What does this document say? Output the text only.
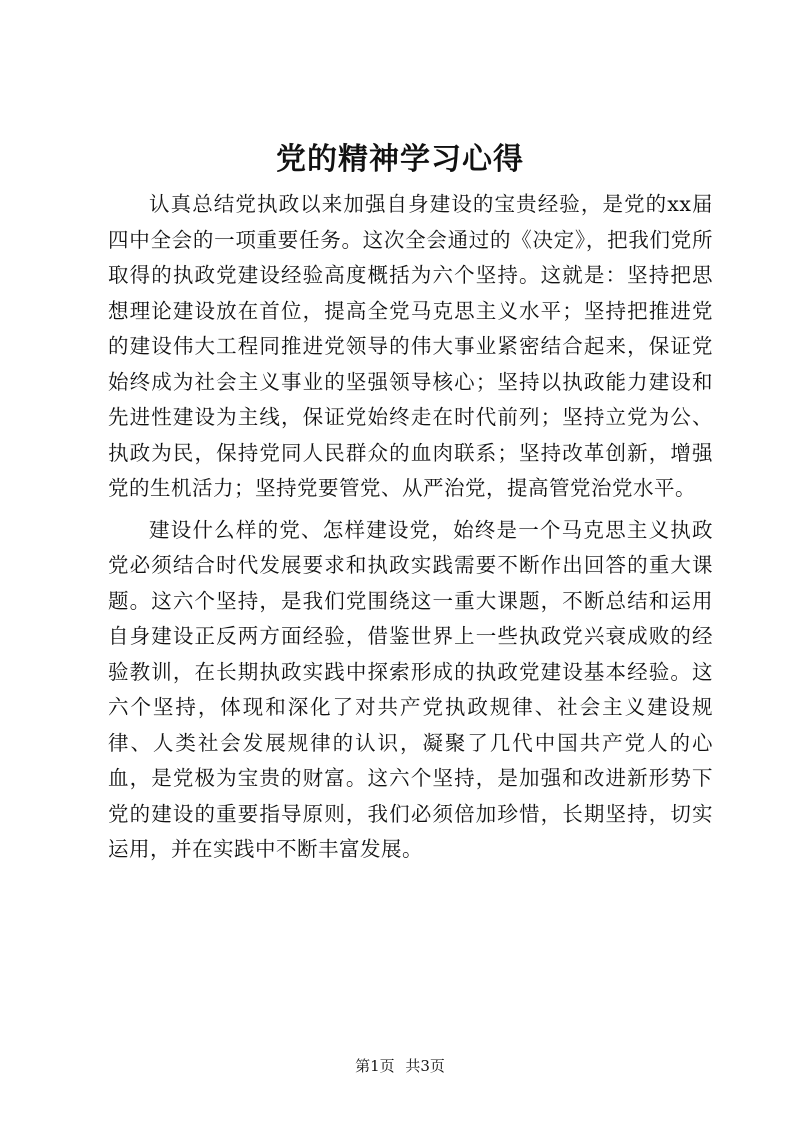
党的精神学习心得

认真总结党执政以来加强自身建设的宝贵经验，是党的xx届四中全会的一项重要任务。这次全会通过的《决定》，把我们党所取得的执政党建设经验高度概括为六个坚持。这就是：坚持把思想理论建设放在首位，提高全党马克思主义水平；坚持把推进党的建设伟大工程同推进党领导的伟大事业紧密结合起来，保证党始终成为社会主义事业的坚强领导核心；坚持以执政能力建设和先进性建设为主线，保证党始终走在时代前列；坚持立党为公、执政为民，保持党同人民群众的血肉联系；坚持改革创新，增强党的生机活力；坚持党要管党、从严治党，提高管党治党水平。

建设什么样的党、怎样建设党，始终是一个马克思主义执政党必须结合时代发展要求和执政实践需要不断作出回答的重大课题。这六个坚持，是我们党围绕这一重大课题，不断总结和运用自身建设正反两方面经验，借鉴世界上一些执政党兴衰成败的经验教训，在长期执政实践中探索形成的执政党建设基本经验。这六个坚持，体现和深化了对共产党执政规律、社会主义建设规律、人类社会发展规律的认识，凝聚了几代中国共产党人的心血，是党极为宝贵的财富。这六个坚持，是加强和改进新形势下党的建设的重要指导原则，我们必须倍加珍惜，长期坚持，切实运用，并在实践中不断丰富发展。

第1页 共3页
